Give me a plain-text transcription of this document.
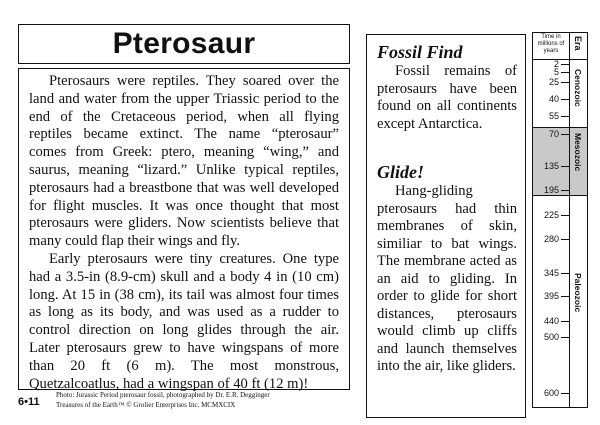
Pterosaur

Pterosaurs were reptiles. They soared over the land and water from the upper Triassic period to the end of the Cretaceous period, when all flying reptiles became extinct. The name “pterosaur” comes from Greek: ptero, meaning “wing,” and saurus, meaning “lizard.” Unlike typical reptiles, pterosaurs had a breastbone that was well developed for flight muscles. It was once thought that most pterosaurs were gliders. Now scientists believe that many could flap their wings and fly.

Early pterosaurs were tiny creatures. One type had a 3.5-in (8.9-cm) skull and a body 4 in (10 cm) long. At 15 in (38 cm), its tail was almost four times as long as its body, and was used as a rudder to control direction on long glides through the air. Later pterosaurs grew to have wingspans of more than 20 ft (6 m). The most monstrous, Quetzalcoatlus, had a wingspan of 40 ft (12 m)!

6•11
Photo: Jurassic Period pterosaur fossil, photographed by Dr. E.R. Degginger
Treasures of the Earth™ © Grolier Enterprises Inc. MCMXCIX
Fossil Find

Fossil remains of pterosaurs have been found on all continents except Antarctica.

Glide!

Hang-gliding pterosaurs had thin membranes of skin, similiar to bat wings. The membrane acted as an aid to gliding. In order to glide for short distances, pterosaurs would climb up cliffs and launch themselves into the air, like gliders.

Time in millions of years
Era
Cenozoic
Mesozoic
Paleozoic
2
5
25
40
55
70
135
195
225
280
345
395
440
500
600
